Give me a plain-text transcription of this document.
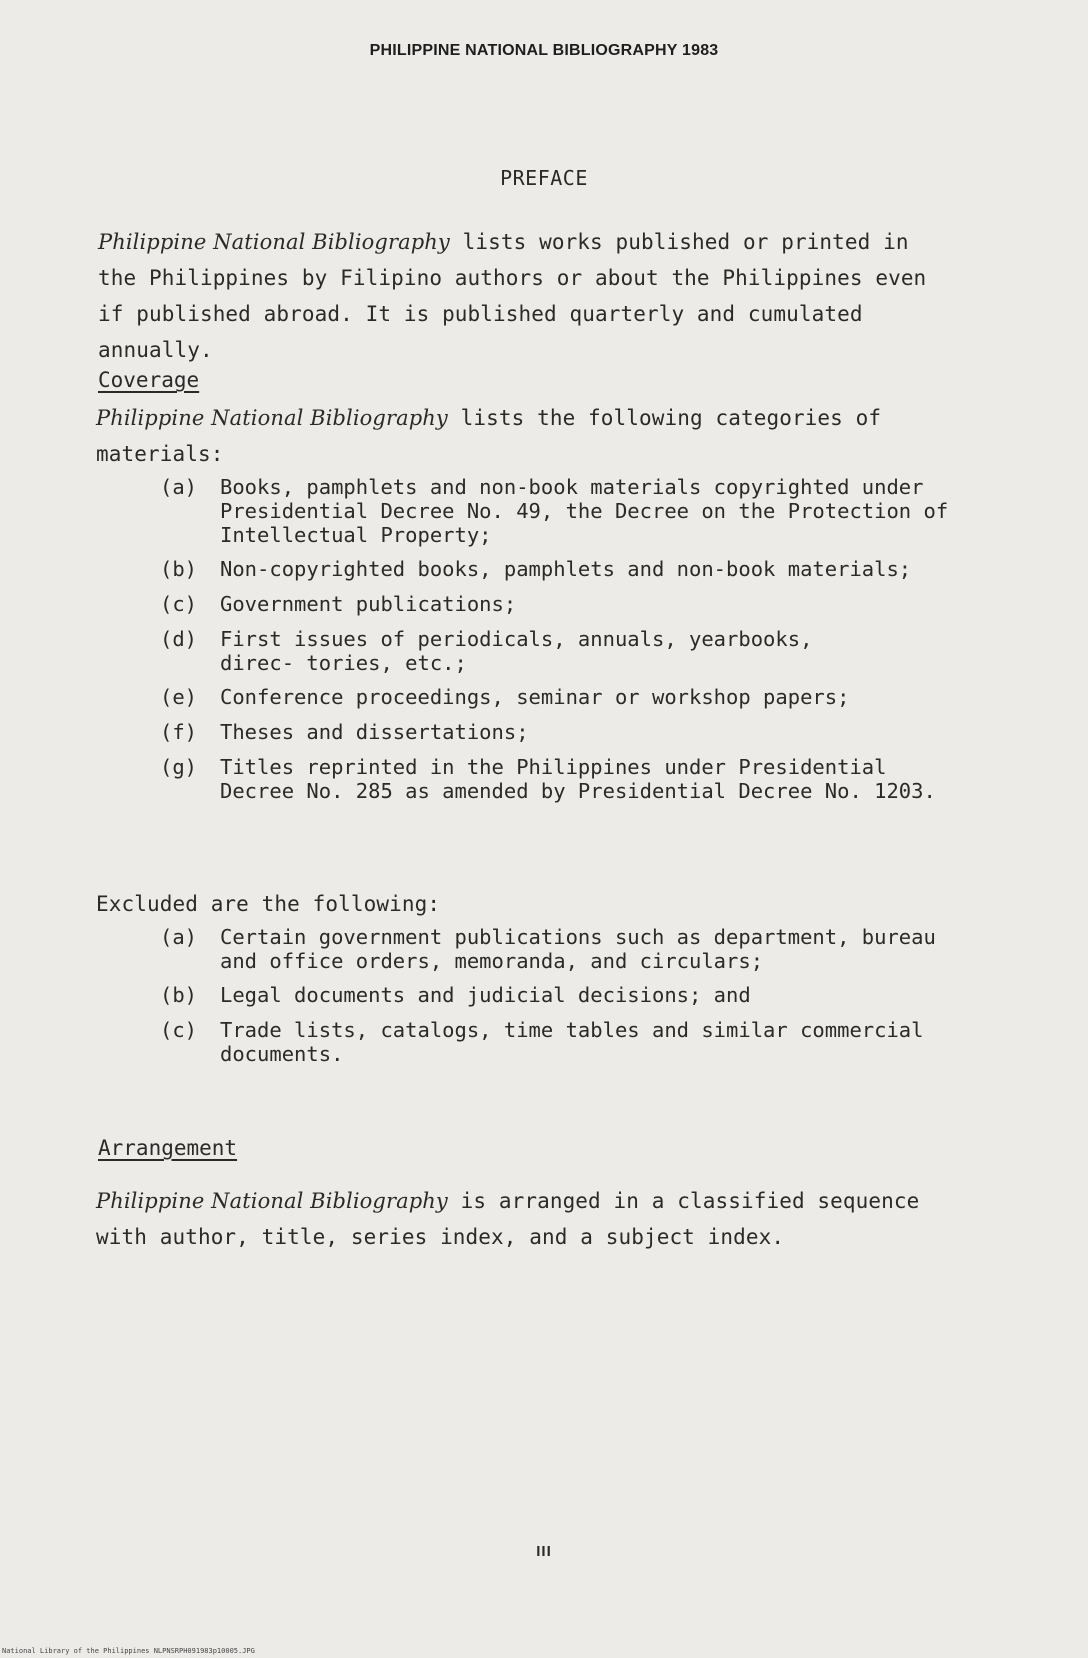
PHILIPPINE NATIONAL BIBLIOGRAPHY 1983
PREFACE

Philippine National Bibliography lists works published or printed in the Philippines by Filipino authors or about the Philippines even if published abroad. It is published quarterly and cumulated annually.

Coverage

Philippine National Bibliography lists the following categories of materials:

(a)	Books, pamphlets and non-book materials copyrighted under Presidential Decree No. 49, the Decree on the Protection of Intellectual Property;
(b)	Non-copyrighted books, pamphlets and non-book materials;
(c)	Government publications;
(d)	First issues of periodicals, annuals, yearbooks, direc- tories, etc.;
(e)	Conference proceedings, seminar or workshop papers;
(f)	Theses and dissertations;
(g)	Titles reprinted in the Philippines under Presidential Decree No. 285 as amended by Presidential Decree No. 1203.
Excluded are the following:
(a)	Certain government publications such as department, bureau and office orders, memoranda, and circulars;
(b)	Legal documents and judicial decisions; and
(c)	Trade lists, catalogs, time tables and similar commercial documents.
Arrangement

Philippine National Bibliography is arranged in a classified sequence with author, title, series index, and a subject index.

III
National Library of the Philippines NLPNSRPH091983p10005.JPG
